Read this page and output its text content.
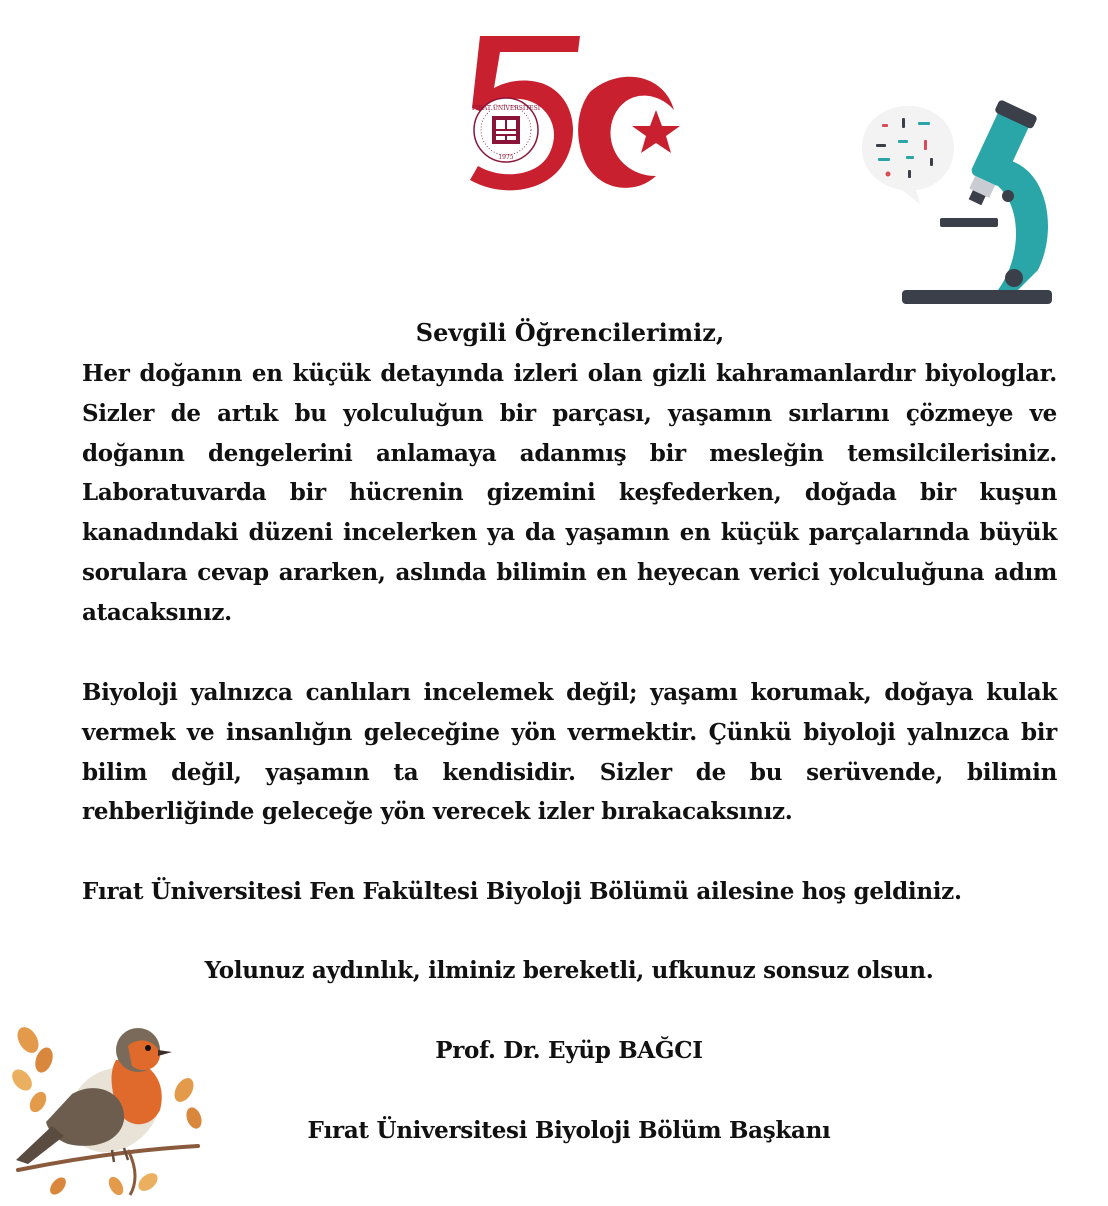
FIRAT ÜNİVERSİTESİ
1975
Sevgili Öğrencilerimiz,
Her doğanın en küçük detayında izleri olan gizli kahramanlardır biyologlar. Sizler de artık bu yolculuğun bir parçası, yaşamın sırlarını çözmeye ve doğanın dengelerini anlamaya adanmış bir mesleğin temsilcilerisiniz. Laboratuvarda bir hücrenin gizemini keşfederken, doğada bir kuşun kanadındaki düzeni incelerken ya da yaşamın en küçük parçalarında büyük sorulara cevap ararken, aslında bilimin en heyecan verici yolculuğuna adım atacaksınız.
Biyoloji yalnızca canlıları incelemek değil; yaşamı korumak, doğaya kulak vermek ve insanlığın geleceğine yön vermektir. Çünkü biyoloji yalnızca bir bilim değil, yaşamın ta kendisidir. Sizler de bu serüvende, bilimin rehberliğinde geleceğe yön verecek izler bırakacaksınız.
Fırat Üniversitesi Fen Fakültesi Biyoloji Bölümü ailesine hoş geldiniz.
Yolunuz aydınlık, ilminiz bereketli, ufkunuz sonsuz olsun.
Prof. Dr. Eyüp BAĞCI
Fırat Üniversitesi Biyoloji Bölüm Başkanı
